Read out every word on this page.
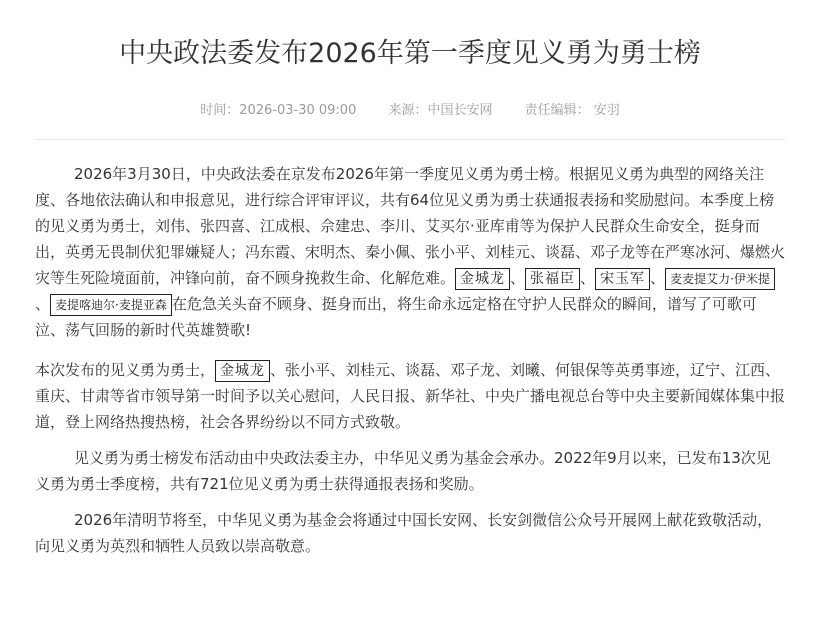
中央政法委发布2026年第一季度见义勇为勇士榜
时间：2026-03-30 09:00 来源：中国长安网 责任编辑： 安羽

2026年3月30日，中央政法委在京发布2026年第一季度见义勇为勇士榜。根据见义勇为典型的网络关注度、各地依法确认和申报意见，进行综合评审评议，共有64位见义勇为勇士获通报表扬和奖励慰问。本季度上榜的见义勇为勇士，刘伟、张四喜、江成根、佘建忠、李川、艾买尔·亚库甫等为保护人民群众生命安全，挺身而出，英勇无畏制伏犯罪嫌疑人；冯东霞、宋明杰、秦小佩、张小平、刘桂元、谈磊、邓子龙等在严寒冰河、爆燃火灾等生死险境面前，冲锋向前，奋不顾身挽救生命、化解危难。 金城龙 、 张福臣 、 宋玉军 、 麦麦提艾力·伊米提、 麦提喀迪尔·麦提亚森 在危急关头奋不顾身、挺身而出，将生命永远定格在守护人民群众的瞬间，谱写了可歌可泣、荡气回肠的新时代英雄赞歌!

本次发布的见义勇为勇士， 金城龙 、张小平、刘桂元、谈磊、邓子龙、刘曦、何银保等英勇事迹，辽宁、江西、重庆、甘肃等省市领导第一时间予以关心慰问，人民日报、新华社、中央广播电视总台等中央主要新闻媒体集中报道，登上网络热搜热榜，社会各界纷纷以不同方式致敬。

见义勇为勇士榜发布活动由中央政法委主办，中华见义勇为基金会承办。2022年9月以来，已发布13次见义勇为勇士季度榜，共有721位见义勇为勇士获得通报表扬和奖励。

2026年清明节将至，中华见义勇为基金会将通过中国长安网、长安剑微信公众号开展网上献花致敬活动，向见义勇为英烈和牺牲人员致以崇高敬意。
